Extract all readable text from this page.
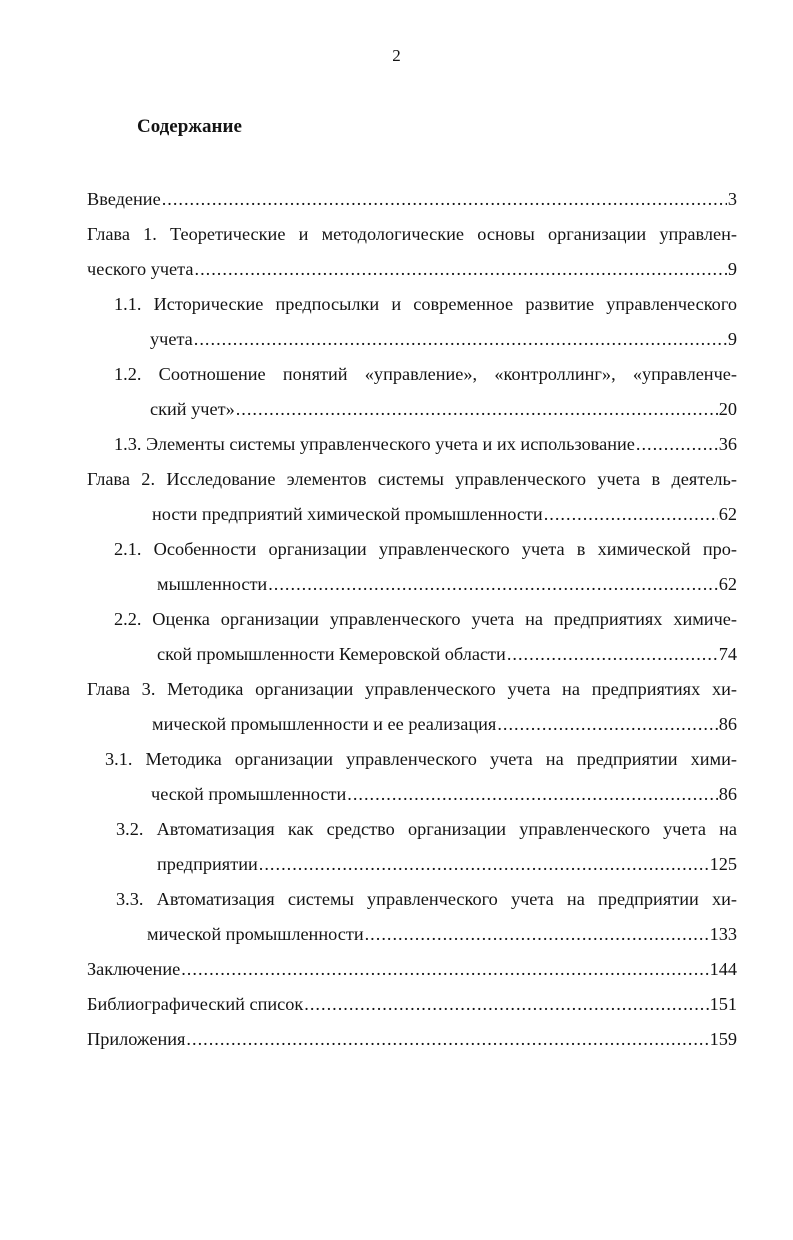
2
Содержание
Введение .....	3
Глава 1. Теоретические и методологические основы организации управлен-
ческого учета .....	9
1.1. Исторические предпосылки и современное развитие управленческого
учета .....	9
1.2. Соотношение понятий «управление», «контроллинг», «управленче-
ский учет» .....	20
1.3. Элементы системы управленческого учета и их использование .....	36
Глава 2. Исследование элементов системы управленческого учета в деятель-
ности предприятий химической промышленности .....	62
2.1. Особенности организации управленческого учета в химической про-
мышленности .....	62
2.2. Оценка организации управленческого учета на предприятиях химиче-
ской промышленности Кемеровской области .....	74
Глава 3. Методика организации управленческого учета на предприятиях хи-
мической промышленности и ее реализация .....	86
3.1. Методика организации управленческого учета на предприятии хими-
ческой промышленности .....	86
3.2. Автоматизация как средство организации управленческого учета на
предприятии .....	125
3.3. Автоматизация системы управленческого учета на предприятии хи-
мической промышленности .....	133
Заключение .....	144
Библиографический список .....	151
Приложения .....	159
